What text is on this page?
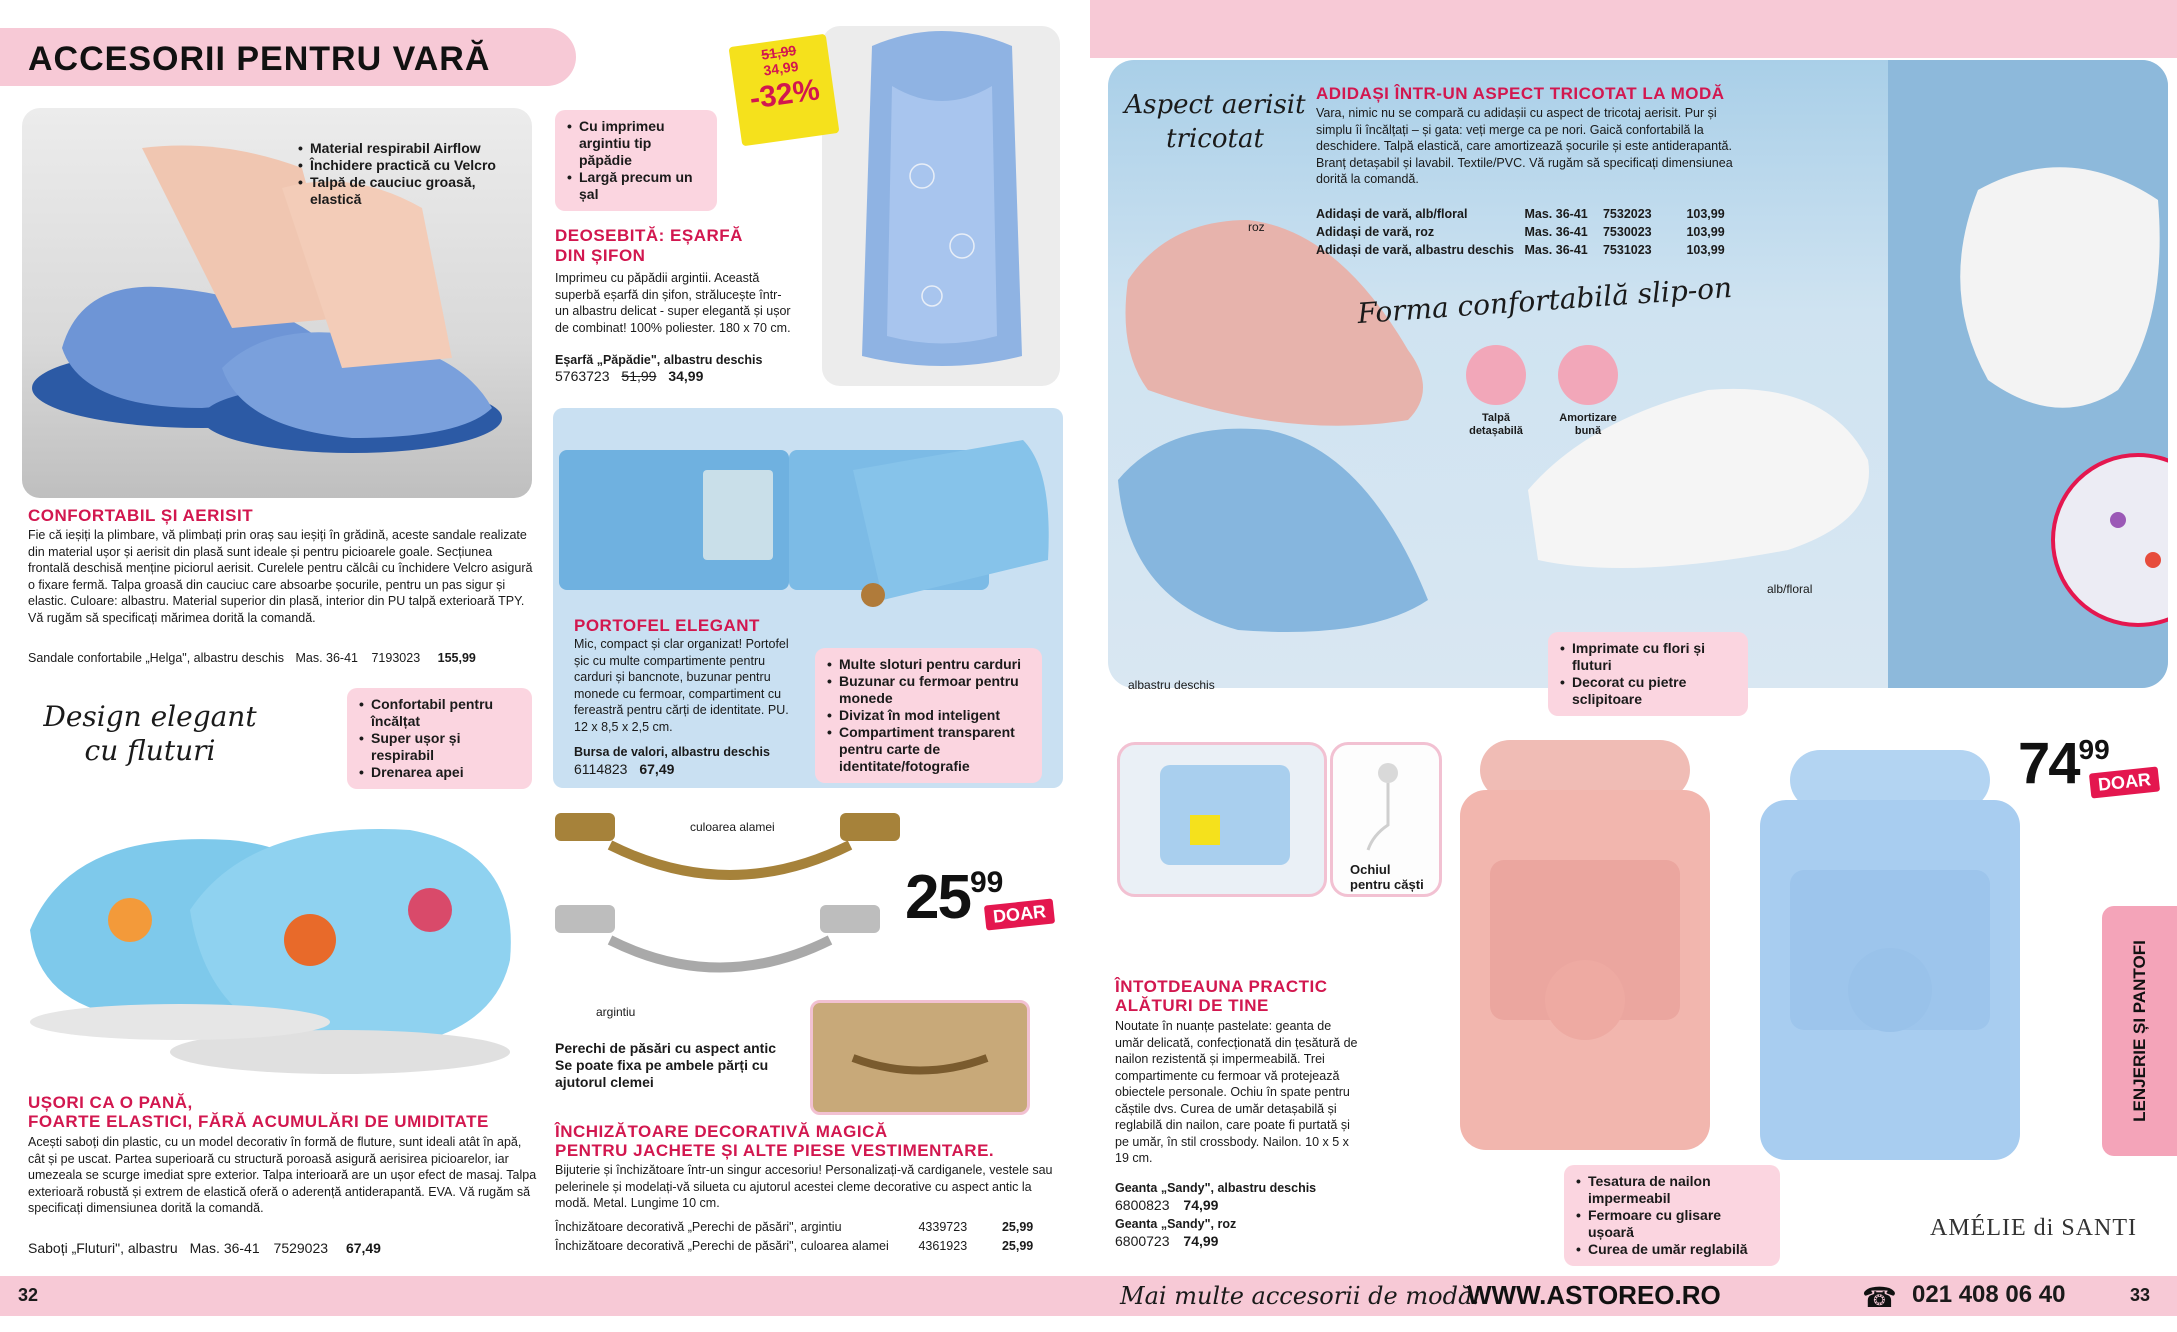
ACCESORII PENTRU VARĂ
• Material respirabil Airflow
• Închidere practică cu Velcro
• Talpă de cauciuc groasă, elastică
CONFORTABIL ȘI AERISIT
Fie că ieșiți la plimbare, vă plimbați prin oraș sau ieșiți în grădină, aceste sandale realizate din material ușor și aerisit din plasă sunt ideale și pentru picioarele goale. Secțiunea frontală deschisă menține piciorul aerisit. Curelele pentru călcâi cu închidere Velcro asigură o fixare fermă. Talpa groasă din cauciuc care absoarbe șocurile, pentru un pas sigur și elastic. Culoare: albastru. Material superior din plasă, interior din PU talpă exterioară TPY. Vă rugăm să specificați mărimea dorită la comandă.
Sandale confortabile „Helga", albastru deschis Mas. 36-41 7193023 155,99
51,99
34,99
-32%
• Cu imprimeu argintiu tip păpădie
• Largă precum un șal
DEOSEBITĂ: EȘARFĂ DIN ȘIFON
Imprimeu cu păpădii argintii. Această superbă eșarfă din șifon, strălucește într-un albastru delicat - super elegantă și ușor de combinat! 100% poliester. 180 x 70 cm.
Eșarfă „Păpădie", albastru deschis
5763723 51,99 34,99
PORTOFEL ELEGANT
Mic, compact și clar organizat! Portofel șic cu multe compartimente pentru carduri și bancnote, buzunar pentru monede cu fermoar, compartiment cu fereastră pentru cărți de identitate. PU. 12 x 8,5 x 2,5 cm.
Bursa de valori, albastru deschis
6114823 67,49
• Multe sloturi pentru carduri
• Buzunar cu fermoar pentru monede
• Divizat în mod inteligent
• Compartiment transparent pentru carte de identitate/fotografie
Design elegant cu fluturi
• Confortabil pentru încălțat
• Super ușor și respirabil
• Drenarea apei
UȘORI CA O PANĂ,
FOARTE ELASTICI, FĂRĂ ACUMULĂRI DE UMIDITATE
Acești saboți din plastic, cu un model decorativ în formă de fluture, sunt ideali atât în apă, cât și pe uscat. Partea superioară cu structură poroasă asigură aerisirea picioarelor, iar umezeala se scurge imediat spre exterior. Talpa interioară are un ușor efect de masaj. Talpa exterioară robustă și extrem de elastică oferă o aderență antiderapantă. EVA. Vă rugăm să specificați dimensiunea dorită la comandă.
Saboți „Fluturi", albastru Mas. 36-41 7529023 67,49
culoarea alamei
argintiu
2599
DOAR
Perechi de păsări cu aspect antic
Se poate fixa pe ambele părți cu ajutorul clemei
ÎNCHIZĂTOARE DECORATIVĂ MAGICĂ
PENTRU JACHETE ȘI ALTE PIESE VESTIMENTARE.
Bijuterie și închizătoare într-un singur accesoriu! Personalizați-vă cardiganele, vestele sau pelerinele și modelați-vă silueta cu ajutorul acestei cleme decorative cu aspect antic la modă. Metal. Lungime 10 cm.
Închizătoare decorativă „Perechi de păsări", argintiu	4339723	25,99
Închizătoare decorativă „Perechi de păsări", culoarea alamei 4361923	25,99
32
Aspect aerisit tricotat
ADIDAȘI ÎNTR-UN ASPECT TRICOTAT LA MODĂ
Vara, nimic nu se compară cu adidașii cu aspect de tricotaj aerisit. Pur și simplu îi încălțați – și gata: veți merge ca pe nori. Gaică confortabilă la deschidere. Talpă elastică, care amortizează șocurile și este antiderapantă. Branț detașabil și lavabil. Textile/PVC. Vă rugăm să specificați dimensiunea dorită la comandă.
Adidași de vară, alb/floral	Mas. 36-41 7532023	103,99
Adidași de vară, roz	Mas. 36-41 7530023	103,99
Adidași de vară, albastru deschis Mas. 36-41 7531023	103,99
Forma confortabilă slip-on
roz
albastru deschis
alb/floral
Talpă detașabilă
Amortizare bună
• Imprimate cu flori și fluturi
• Decorat cu pietre sclipitoare
Ochiul pentru căști
7499
DOAR
ÎNTOTDEAUNA PRACTIC
ALĂTURI DE TINE
Noutate în nuanțe pastelate: geanta de umăr delicată, confecționată din țesătură de nailon rezistentă și impermeabilă. Trei compartimente cu fermoar vă protejează obiectele personale. Ochiu în spate pentru căștile dvs. Curea de umăr detașabilă și reglabilă din nailon, care poate fi purtată și pe umăr, în stil crossbody. Nailon. 10 x 5 x 19 cm.
Geanta „Sandy", albastru deschis
6800823 74,99
Geanta „Sandy", roz
6800723 74,99
• Tesatura de nailon impermeabil
• Fermoare cu glisare ușoară
• Curea de umăr reglabilă
AMÉLIE di SANTI
LENJERIE ȘI PANTOFI
Mai multe accesorii de modă:
WWW.ASTOREO.RO	☎ 021 408 06 40	33
